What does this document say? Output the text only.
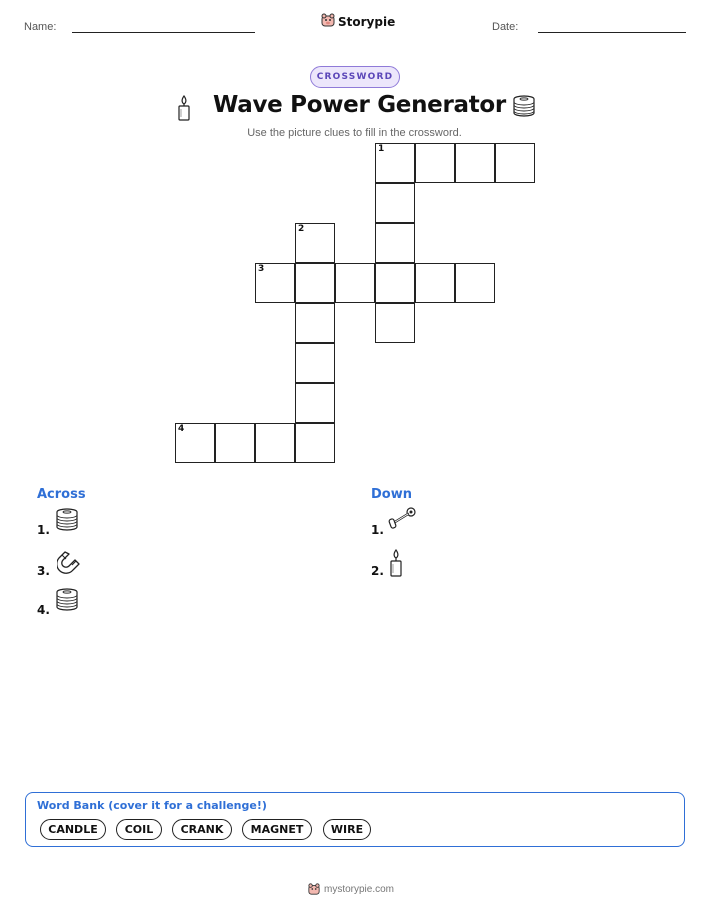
Name:	Storypie	Date:
CROSSWORD
Wave Power Generator
Use the picture clues to fill in the crossword.
1
2
3
4
Across
1.
3.
4.
Down
1.
2.
Word Bank (cover it for a challenge!)
CANDLE	COIL	CRANK	MAGNET	WIRE
mystorypie.com
